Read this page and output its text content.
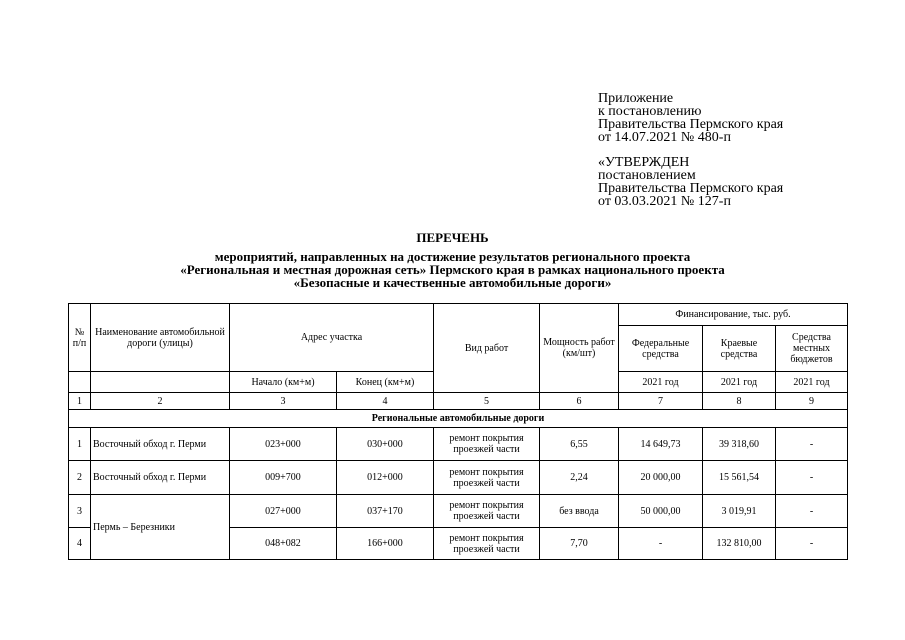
Приложение
к постановлению
Правительства Пермского края
от 14.07.2021 № 480-п
«УТВЕРЖДЕН
постановлением
Правительства Пермского края
от 03.03.2021 № 127-п
ПЕРЕЧЕНЬ
мероприятий, направленных на достижение результатов регионального проекта
«Региональная и местная дорожная сеть» Пермского края в рамках национального проекта
«Безопасные и качественные автомобильные дороги»
№ п/п	Наименование автомобильной дороги (улицы)	Адрес участка		Вид работ	Мощность работ (км/шт)	Финансирование, тыс. руб.		
						Федеральные средства	Краевые средства	Средства местных бюджетов
		Начало (км+м)	Конец (км+м)			2021 год	2021 год	2021 год
1	2	3	4	5	6	7	8	9
Региональные автомобильные дороги								
1	Восточный обход г. Перми	023+000	030+000	ремонт покрытия проезжей части	6,55	14 649,73	39 318,60	-
2	Восточный обход г. Перми	009+700	012+000	ремонт покрытия проезжей части	2,24	20 000,00	15 561,54	-
3	Пермь – Березники	027+000	037+170	ремонт покрытия проезжей части	без ввода	50 000,00	3 019,91	-
4		048+082	166+000	ремонт покрытия проезжей части	7,70	-	132 810,00	-
